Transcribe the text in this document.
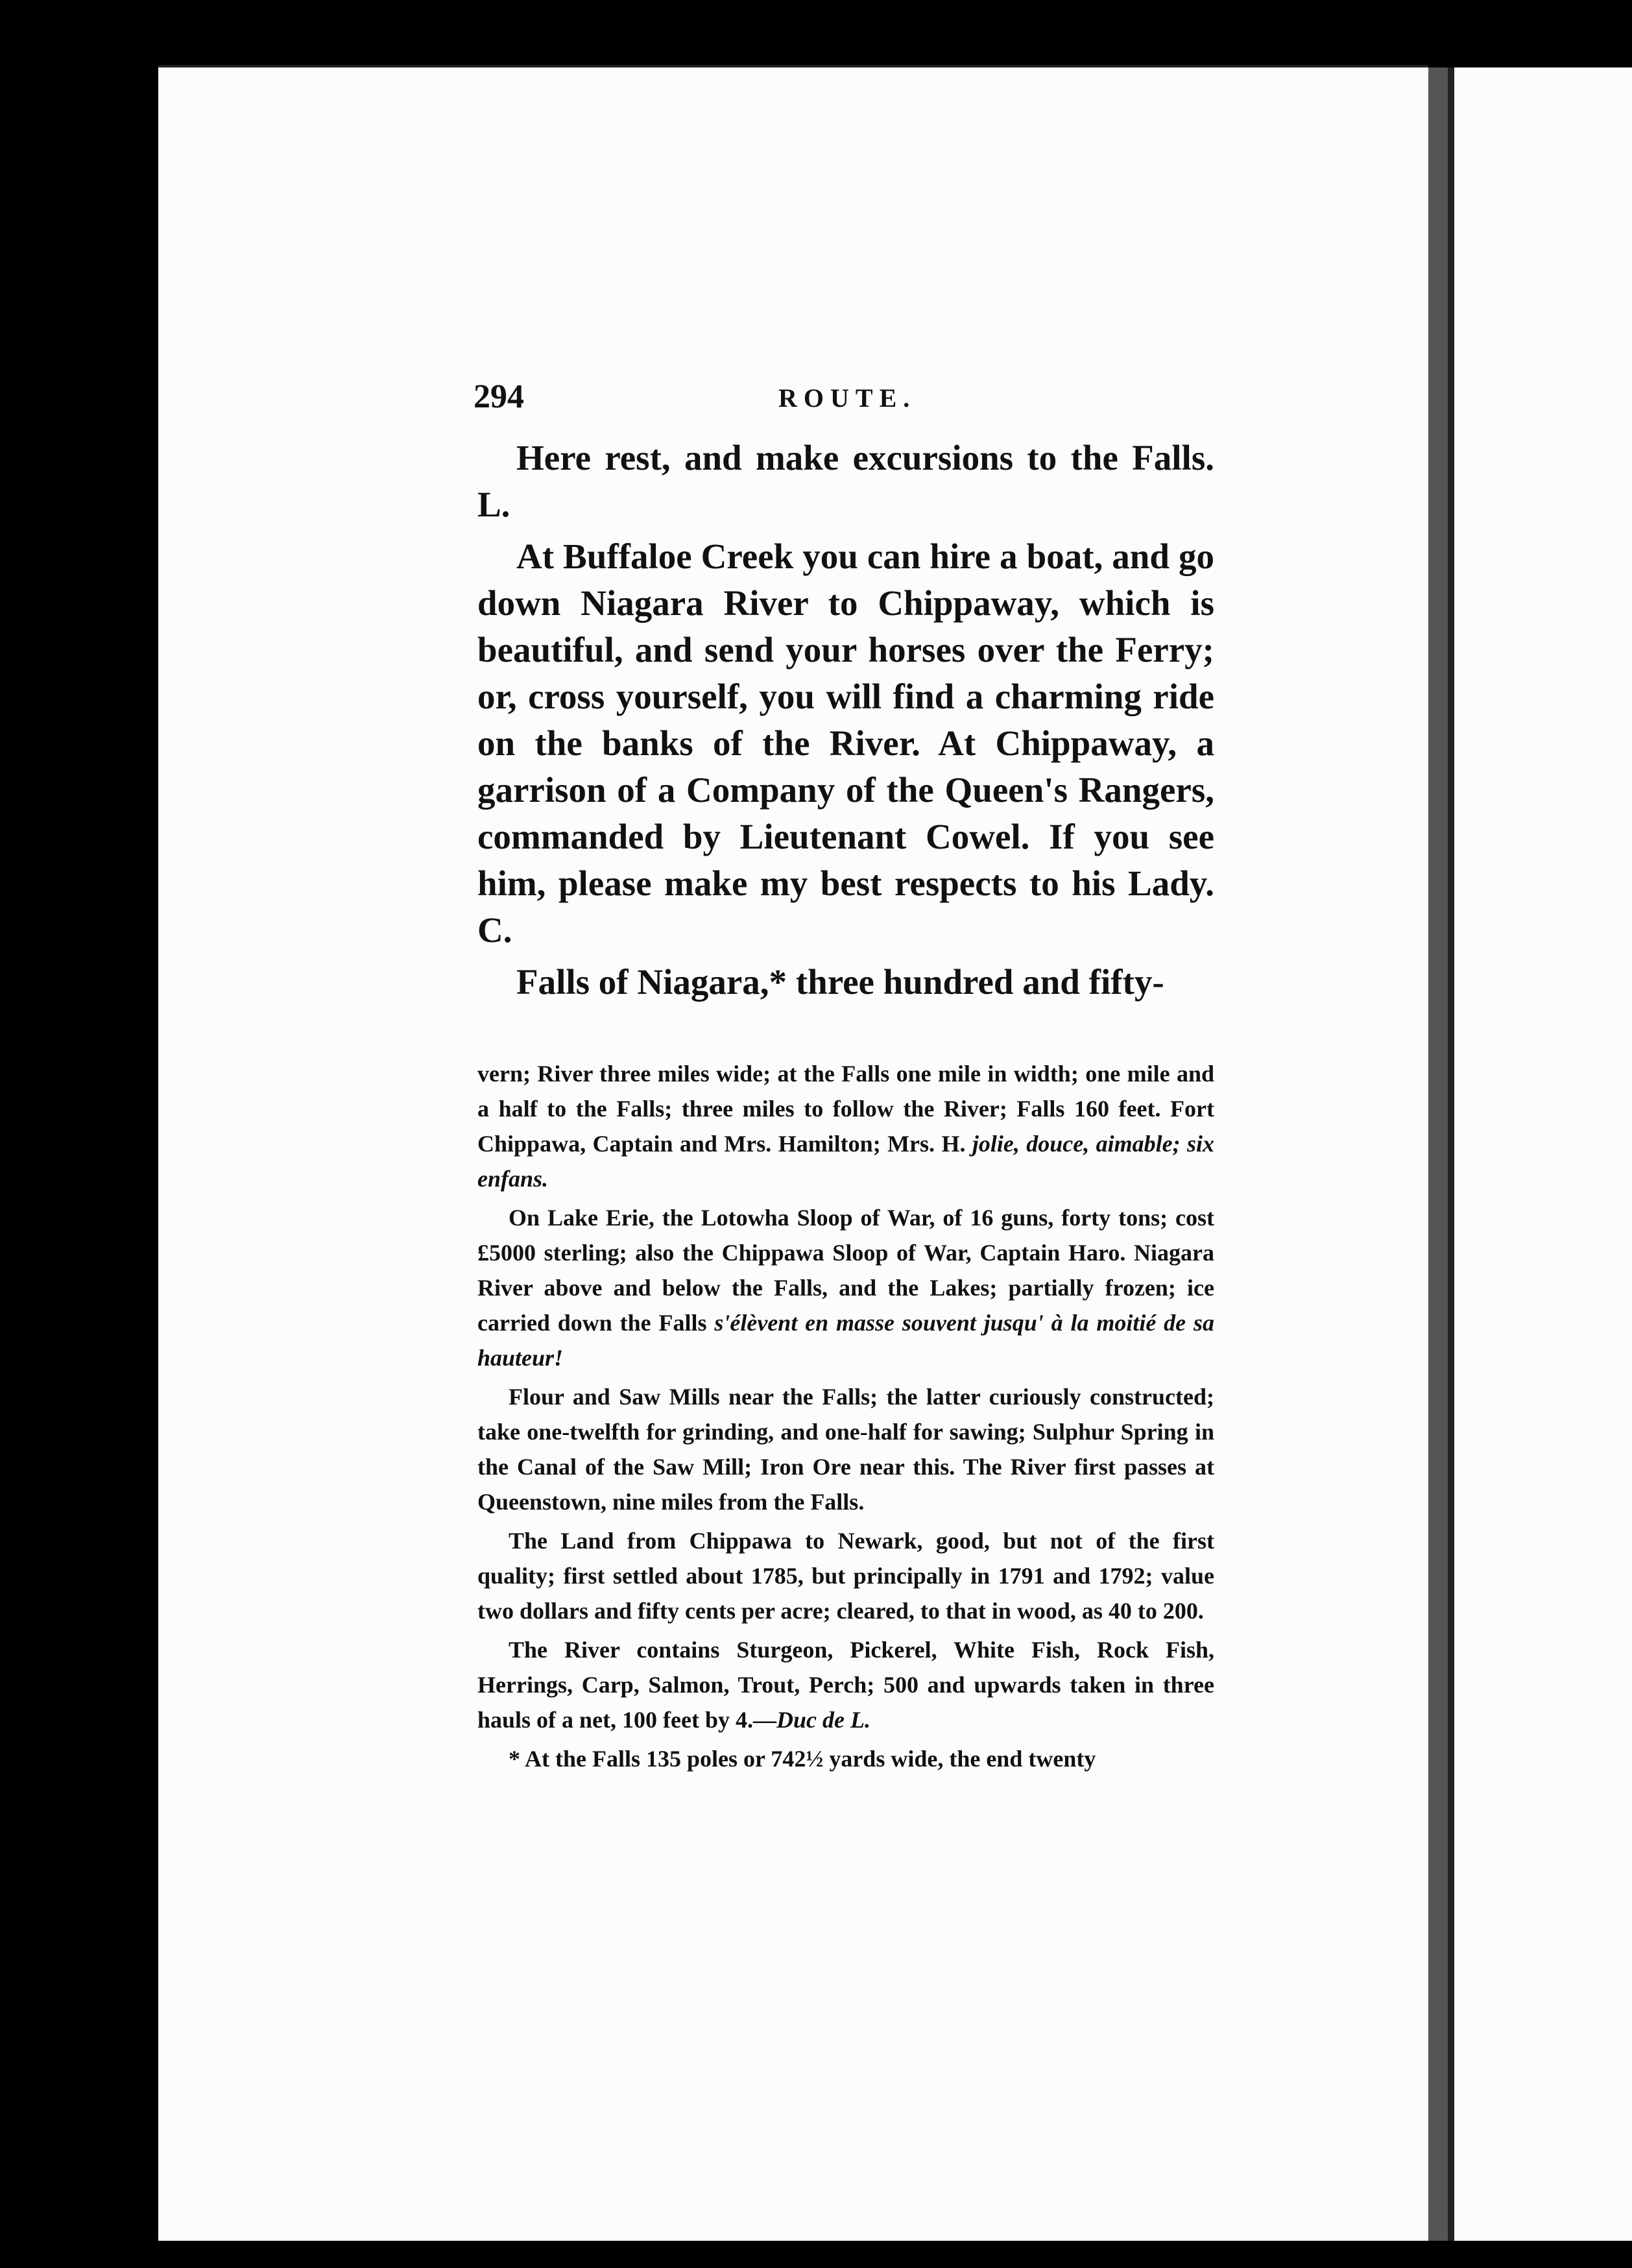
294	ROUTE.

Here rest, and make excursions to the Falls. L.

At Buffaloe Creek you can hire a boat, and go down Niagara River to Chippaway, which is beautiful, and send your horses over the Ferry; or, cross yourself, you will find a charming ride on the banks of the River. At Chippaway, a garrison of a Company of the Queen's Rangers, commanded by Lieutenant Cowel. If you see him, please make my best respects to his Lady. C.

Falls of Niagara,* three hundred and fifty-

vern; River three miles wide; at the Falls one mile in width; one mile and a half to the Falls; three miles to follow the River; Falls 160 feet. Fort Chippawa, Captain and Mrs. Hamilton; Mrs. H. jolie, douce, aimable; six enfans.

On Lake Erie, the Lotowha Sloop of War, of 16 guns, forty tons; cost £5000 sterling; also the Chippawa Sloop of War, Captain Haro. Niagara River above and below the Falls, and the Lakes; partially frozen; ice carried down the Falls s'élèvent en masse souvent jusqu' à la moitié de sa hauteur!

Flour and Saw Mills near the Falls; the latter curiously constructed; take one-twelfth for grinding, and one-half for sawing; Sulphur Spring in the Canal of the Saw Mill; Iron Ore near this. The River first passes at Queenstown, nine miles from the Falls.

The Land from Chippawa to Newark, good, but not of the first quality; first settled about 1785, but principally in 1791 and 1792; value two dollars and fifty cents per acre; cleared, to that in wood, as 40 to 200.

The River contains Sturgeon, Pickerel, White Fish, Rock Fish, Herrings, Carp, Salmon, Trout, Perch; 500 and upwards taken in three hauls of a net, 100 feet by 4.—Duc de L.

* At the Falls 135 poles or 742½ yards wide, the end twenty
